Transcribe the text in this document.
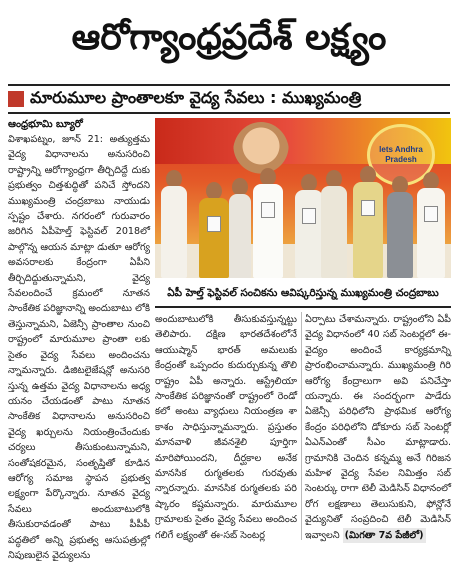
ఆరోగ్యాంధ్రప్రదేశ్ లక్ష్యం
మారుమూల ప్రాంతాలకూ వైద్య సేవలు : ముఖ్యమంత్రి
ఆంధ్రభూమి బ్యూరో
విశాఖపట్నం, జూన్ 21: అత్యుత్తమ వైద్య విధానాలను అనుసరించి రాష్ట్రాన్ని ఆరోగ్యాంధ్రగా తీర్చిదిద్దే దుకు ప్రభుత్వం చిత్తశుద్ధితో పనిచే స్తోందని ముఖ్యమంత్రి చంద్రబాబు నాయుడు స్పష్టం చేశారు. నగరంలో గురువారం జరిగిన ఏపీహెల్త్ ఫెస్టివల్ 2018లో పాల్గొన్న ఆయన మాట్లా డుతూ ఆరోగ్య అవసరాలకు కేంద్రంగా ఏపీని తీర్చిదిద్దుతున్నామని, వైద్య సేవలందించే క్రమంలో నూతన సాంకేతిక పరిజ్ఞానాన్ని అందుబాటు లోకి తెస్తున్నామని, ఏజెన్సీ ప్రాంతాల నుంచి రాష్ట్రంలో మారుమూల ప్రాంతా లకు సైతం వైద్య సేవలు అందించను న్నామన్నారు. డిజిటలైజేషన్లో అనుసరి స్తున్న ఉత్తమ వైద్య విధానాలను అధ్య యనం చేయడంతో పాటు నూతన సాంకేతిక విధానాలను అనుసరించి వైద్య ఖర్చులను నియంత్రించేందుకు చర్యలు తీసుకుంటున్నామని, సంతోషకరమైన, సంతృప్తితో కూడిన ఆరోగ్య సమాజ స్థాపన ప్రభుత్వ లక్ష్యంగా పేర్కొన్నారు. నూతన వైద్య సేవలు అందుబాటులోకి తీసుకురావడంతో పాటు పీపీపీ పద్ధతిలో అన్ని ప్రభుత్వ ఆసుపత్రుల్లో నిపుణులైన వైద్యులను
lets Andhra Pradesh
ఏపీ హెల్త్ ఫెస్టివల్ సంచికను ఆవిష్కరిస్తున్న ముఖ్యమంత్రి చంద్రబాబు
అందుబాటులోకి తీసుకువస్తున్నట్టు తెలిపారు. దక్షిణ భారతదేశంలోనే ఆయుష్మాన్ భారత్ అమలుకు కేంద్రంతో ఒప్పందం కుదుర్చుకున్న తొలి రాష్ట్రం ఏపీ అన్నారు. ఆస్ట్రేలియా సాంకేతిక పరిజ్ఞానంతో రాష్ట్రంలో రెండో కలో అంటు వ్యాధులు నియంత్రణ శా కాశం సాధిస్తున్నామన్నారు. ప్రస్తుతం మానవాళి జీవనశైలి పూర్తిగా మారిపోయిందని, దీర్ఘకాల అనేక మానసిక రుగ్మతలకు గురవుతు న్నారన్నారు. మానసిక రుగ్మతలకు పరి ష్కారం కష్టమన్నారు. మారుమూల గ్రామాలకు సైతం వైద్య సేవలు అందించ గలిగే లక్ష్యంతో ఈ-సబ్ సెంటర్ల
ఏర్పాటు చేశామన్నారు. రాష్ట్రంలోని ఏపీ వైద్య విధానంలో 40 సబ్ సెంటర్లలో ఈ-వైద్యం అందించే కార్యక్రమాన్ని ప్రారంభించామన్నారు. ముఖ్యమంత్రి గిరి ఆరోగ్య కేంద్రాలుగా అవి పనిచేస్తా యన్నారు. ఈ సందర్భంగా పాడేరు ఏజెన్సీ పరిధిలోని ప్రాథమిక ఆరోగ్య కేంద్రం పరిధిలోని డోకూరు సబ్ సెంటర్లో ఏఎన్ఎంతో సీఎం మాట్లాడారు. గ్రామానికి చెందిన కన్నమ్మ అనే గిరిజన మహిళ వైద్య సేవల నిమిత్తం సబ్ సెంటర్కు రాగా టెలీ మెడిసిన్ విధానంలో రోగ లక్షణాలు తెలుసుకుని, ఫోన్లోనే వైద్యునితో సంప్రదించి టెలీ మెడిసిన్ ఇవ్వాలని (మిగతా 7వ పేజీలో)
